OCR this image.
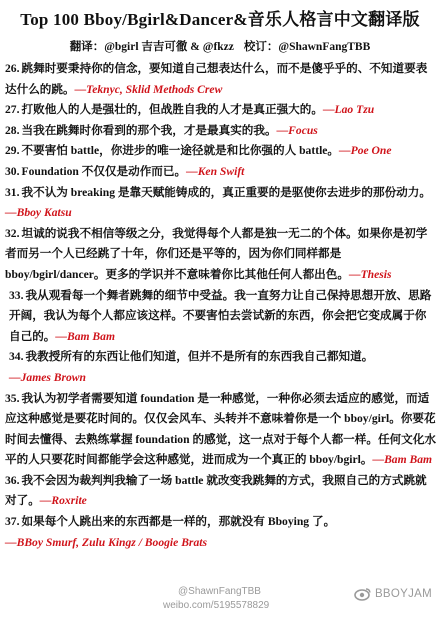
Top 100 Bboy/Bgirl&Dancer&音乐人格言中文翻译版
翻译：@bgirl 吉吉可徹 & @fkzz 校订：@ShawnFangTBB

26. 跳舞时要秉持你的信念，要知道自己想表达什么，而不是傻乎乎的、不知道要表达什么的跳。—Teknyc, Sklid Methods Crew

27. 打败他人的人是强壮的，但战胜自我的人才是真正强大的。—Lao Tzu

28. 当我在跳舞时你看到的那个我，才是最真实的我。—Focus

29. 不要害怕 battle，你进步的唯一途径就是和比你强的人 battle。—Poe One

30. Foundation 不仅仅是动作而已。—Ken Swift

31. 我不认为 breaking 是靠天赋能铸成的，真正重要的是驱使你去进步的那份动力。—Bboy Katsu

32. 坦诚的说我不相信等级之分，我觉得每个人都是独一无二的个体。如果你是初学者而另一个人已经跳了十年，你们还是平等的，因为你们同样都是 bboy/bgirl/dancer。更多的学识并不意味着你比其他任何人都出色。—Thesis

33. 我从观看每一个舞者跳舞的细节中受益。我一直努力让自己保持思想开放、思路开阔，我认为每个人都应该这样。不要害怕去尝试新的东西，你会把它变成属于你自己的。—Bam Bam

34. 我教授所有的东西让他们知道，但并不是所有的东西我自己都知道。
—James Brown

35. 我认为初学者需要知道 foundation 是一种感觉，一种你必须去适应的感觉，而适应这种感觉是要花时间的。仅仅会风车、头转并不意味着你是一个 bboy/girl。你要花时间去懂得、去熟练掌握 foundation 的感觉，这一点对于每个人都一样。任何文化水平的人只要花时间都能学会这种感觉，进而成为一个真正的 bboy/bgirl。—Bam Bam

36. 我不会因为裁判判我输了一场 battle 就改变我跳舞的方式，我照自己的方式跳就对了。—Roxrite

37. 如果每个人跳出来的东西都是一样的，那就没有 Bboying 了。
—BBoy Smurf, Zulu Kingz / Boogie Brats

@ShawnFangTBB
weibo.com/5195578829
BBOYJAM
